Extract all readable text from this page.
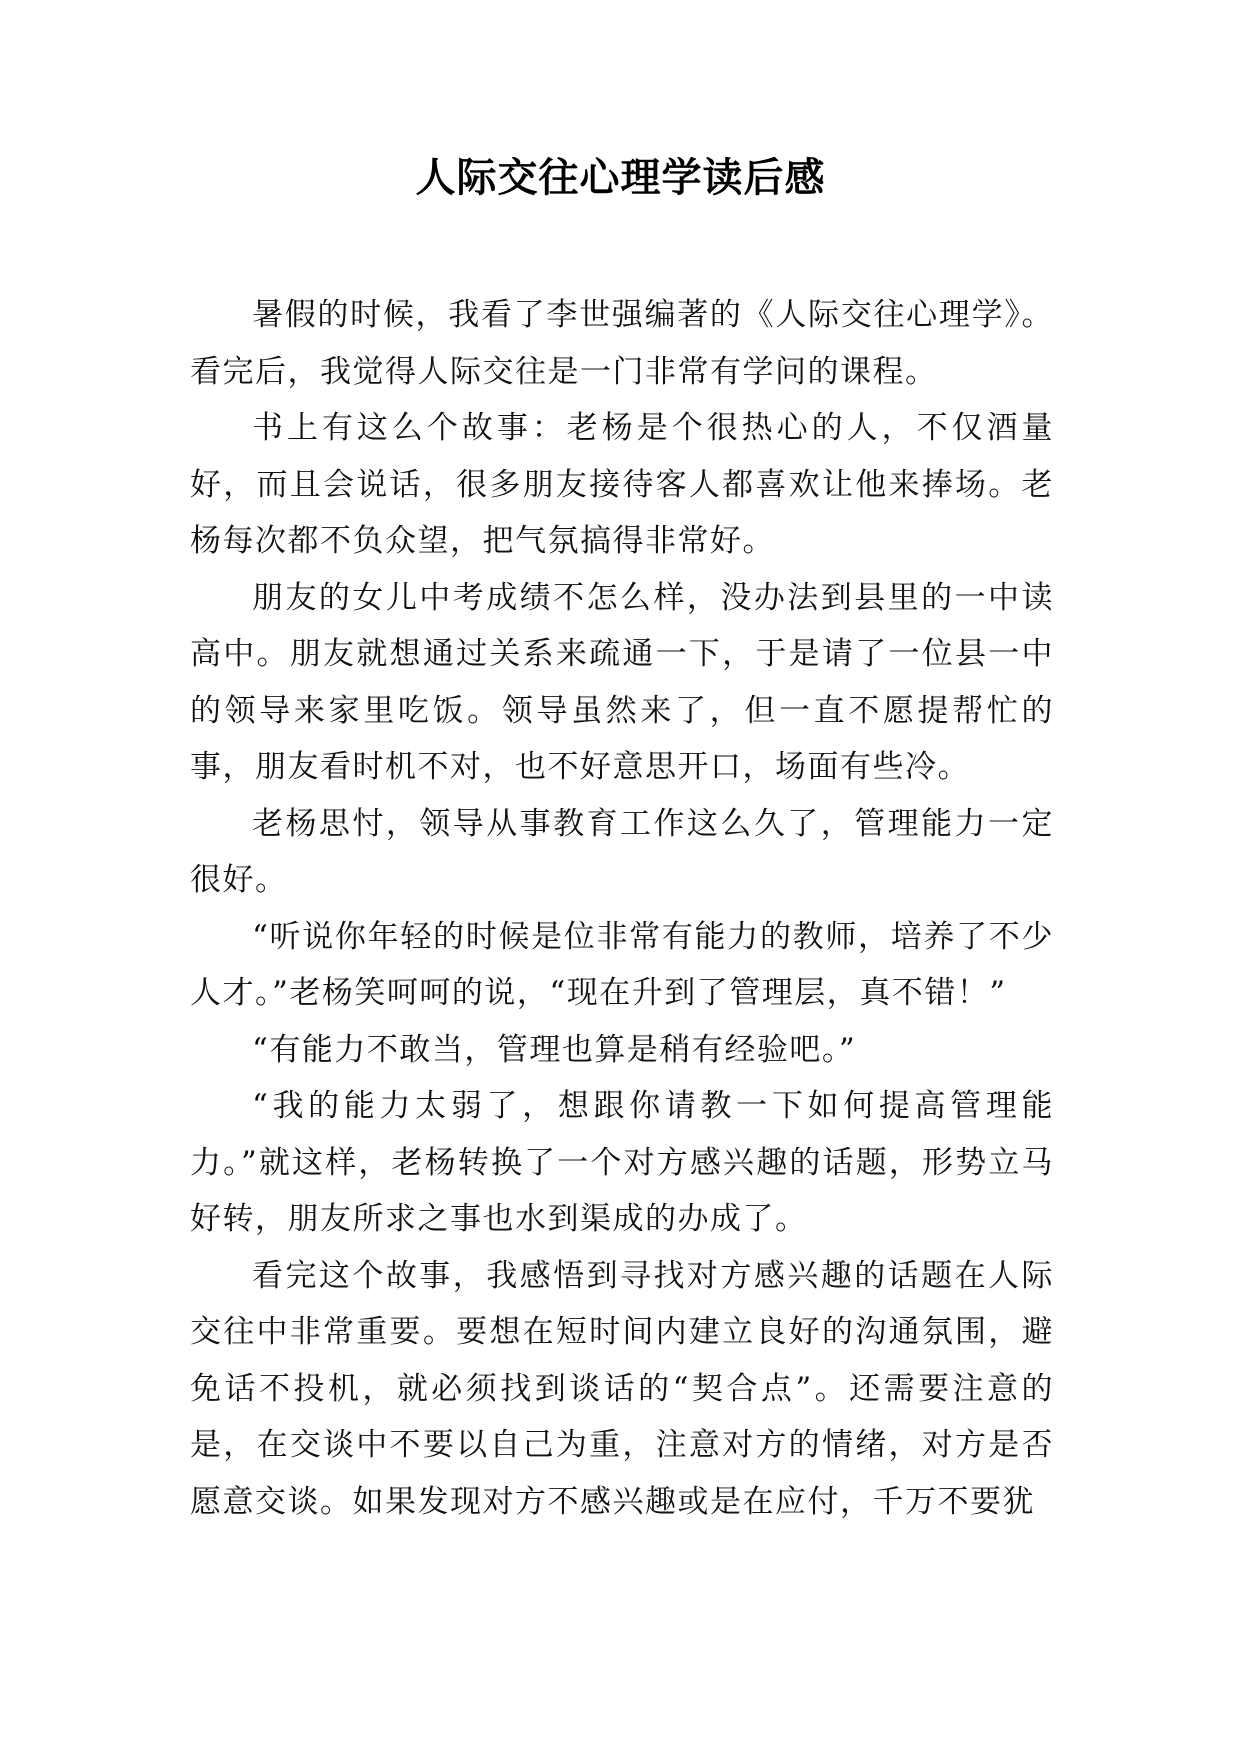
人际交往心理学读后感

暑假的时候，我看了李世强编著的《人际交往心理学》。看完后，我觉得人际交往是一门非常有学问的课程。

书上有这么个故事：老杨是个很热心的人，不仅酒量好，而且会说话，很多朋友接待客人都喜欢让他来捧场。老杨每次都不负众望，把气氛搞得非常好。

朋友的女儿中考成绩不怎么样，没办法到县里的一中读高中。朋友就想通过关系来疏通一下，于是请了一位县一中的领导来家里吃饭。领导虽然来了，但一直不愿提帮忙的事，朋友看时机不对，也不好意思开口，场面有些冷。

老杨思忖，领导从事教育工作这么久了，管理能力一定很好。

“听说你年轻的时候是位非常有能力的教师，培养了不少人才。”老杨笑呵呵的说，“现在升到了管理层，真不错！”

“有能力不敢当，管理也算是稍有经验吧。”

“我的能力太弱了，想跟你请教一下如何提高管理能力。”就这样，老杨转换了一个对方感兴趣的话题，形势立马好转，朋友所求之事也水到渠成的办成了。

看完这个故事，我感悟到寻找对方感兴趣的话题在人际交往中非常重要。要想在短时间内建立良好的沟通氛围，避免话不投机，就必须找到谈话的“契合点”。还需要注意的是，在交谈中不要以自己为重，注意对方的情绪，对方是否愿意交谈。如果发现对方不感兴趣或是在应付，千万不要犹
